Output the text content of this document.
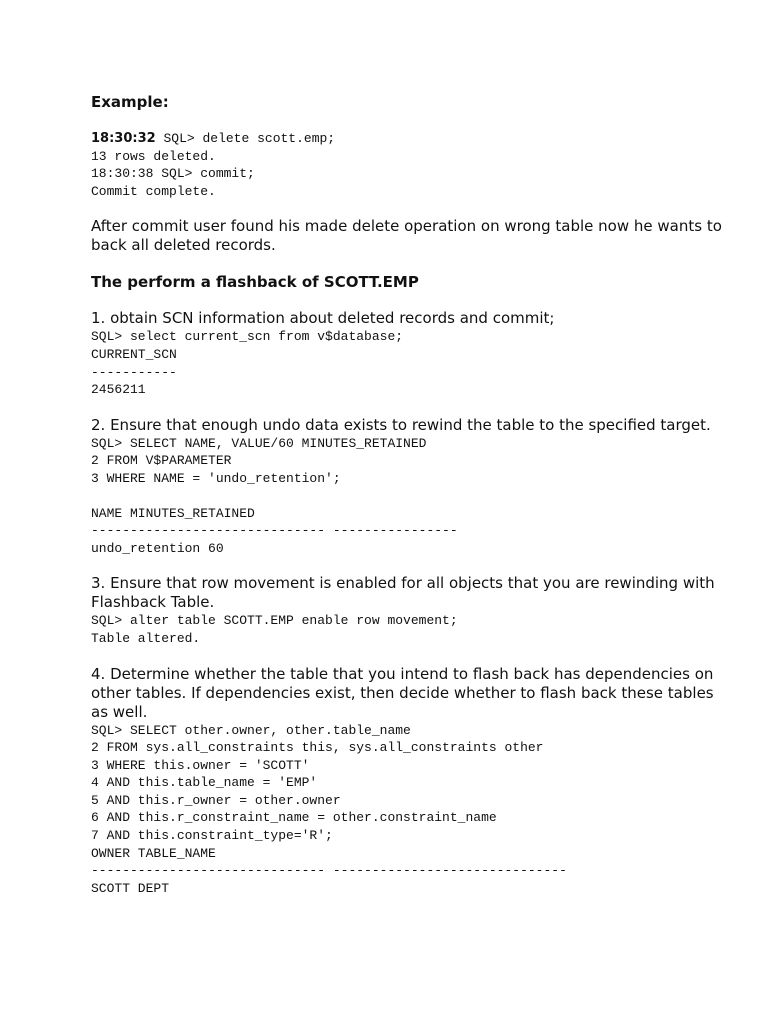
Example:
18:30:32 SQL> delete scott.emp;
13 rows deleted.
18:30:38 SQL> commit;
Commit complete.

After commit user found his made delete operation on wrong table now he wants to back all deleted records.

The perform a flashback of SCOTT.EMP

1. obtain SCN information about deleted records and commit;

SQL> select current_scn from v$database;
CURRENT_SCN
-----------
2456211

2. Ensure that enough undo data exists to rewind the table to the specified target.

SQL> SELECT NAME, VALUE/60 MINUTES_RETAINED
2 FROM V$PARAMETER
3 WHERE NAME = 'undo_retention';
NAME MINUTES_RETAINED
------------------------------ ----------------
undo_retention 60

3. Ensure that row movement is enabled for all objects that you are rewinding with Flashback Table.

SQL> alter table SCOTT.EMP enable row movement;
Table altered.

4. Determine whether the table that you intend to flash back has dependencies on other tables. If dependencies exist, then decide whether to flash back these tables as well.

SQL> SELECT other.owner, other.table_name
2 FROM sys.all_constraints this, sys.all_constraints other
3 WHERE this.owner = 'SCOTT'
4 AND this.table_name = 'EMP'
5 AND this.r_owner = other.owner
6 AND this.r_constraint_name = other.constraint_name
7 AND this.constraint_type='R';
OWNER TABLE_NAME
------------------------------ ------------------------------
SCOTT DEPT
